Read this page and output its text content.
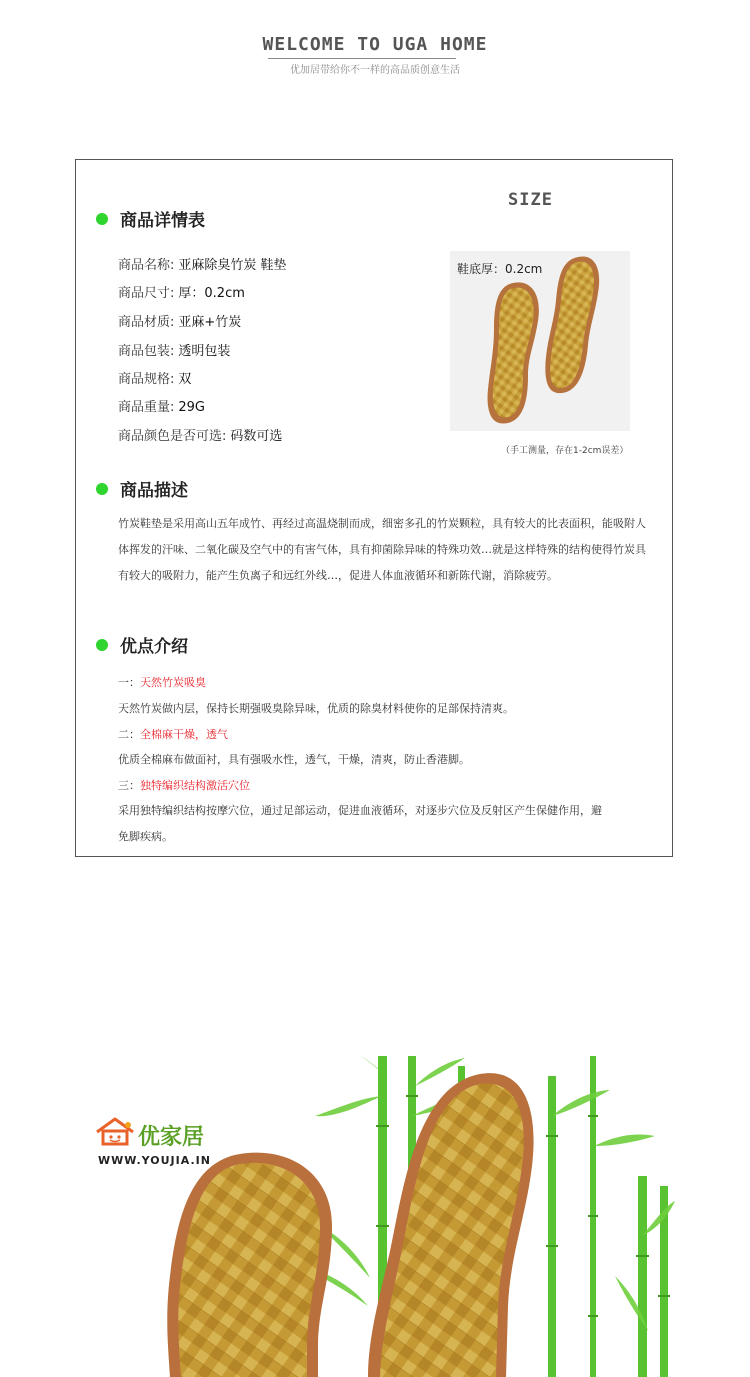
WELCOME TO UGA HOME
优加居带给你不一样的高品质创意生活
商品详情表
商品名称: 亚麻除臭竹炭 鞋垫
商品尺寸: 厚：0.2cm
商品材质: 亚麻+竹炭
商品包装: 透明包装
商品规格: 双
商品重量: 29G
商品颜色是否可选: 码数可选
SIZE
鞋底厚：0.2cm
（手工测量，存在1-2cm误差）
商品描述
竹炭鞋垫是采用高山五年成竹、再经过高温烧制而成，细密多孔的竹炭颗粒，具有较大的比表面积，能吸附人体挥发的汗味、二氧化碳及空气中的有害气体，具有抑菌除异味的特殊功效…就是这样特殊的结构使得竹炭具有较大的吸附力，能产生负离子和远红外线…，促进人体血液循环和新陈代谢，消除疲劳。
优点介绍
一：天然竹炭吸臭
天然竹炭做内层，保持长期强吸臭除异味，优质的除臭材料使你的足部保持清爽。
二：全棉麻干燥，透气
优质全棉麻布做面衬，具有强吸水性，透气，干燥，清爽，防止香港脚。
三：独特编织结构激活穴位
采用独特编织结构按摩穴位，通过足部运动，促进血液循环，对逐步穴位及反射区产生保健作用，避
免脚疾病。
优家居
WWW.YOUJIA.IN
